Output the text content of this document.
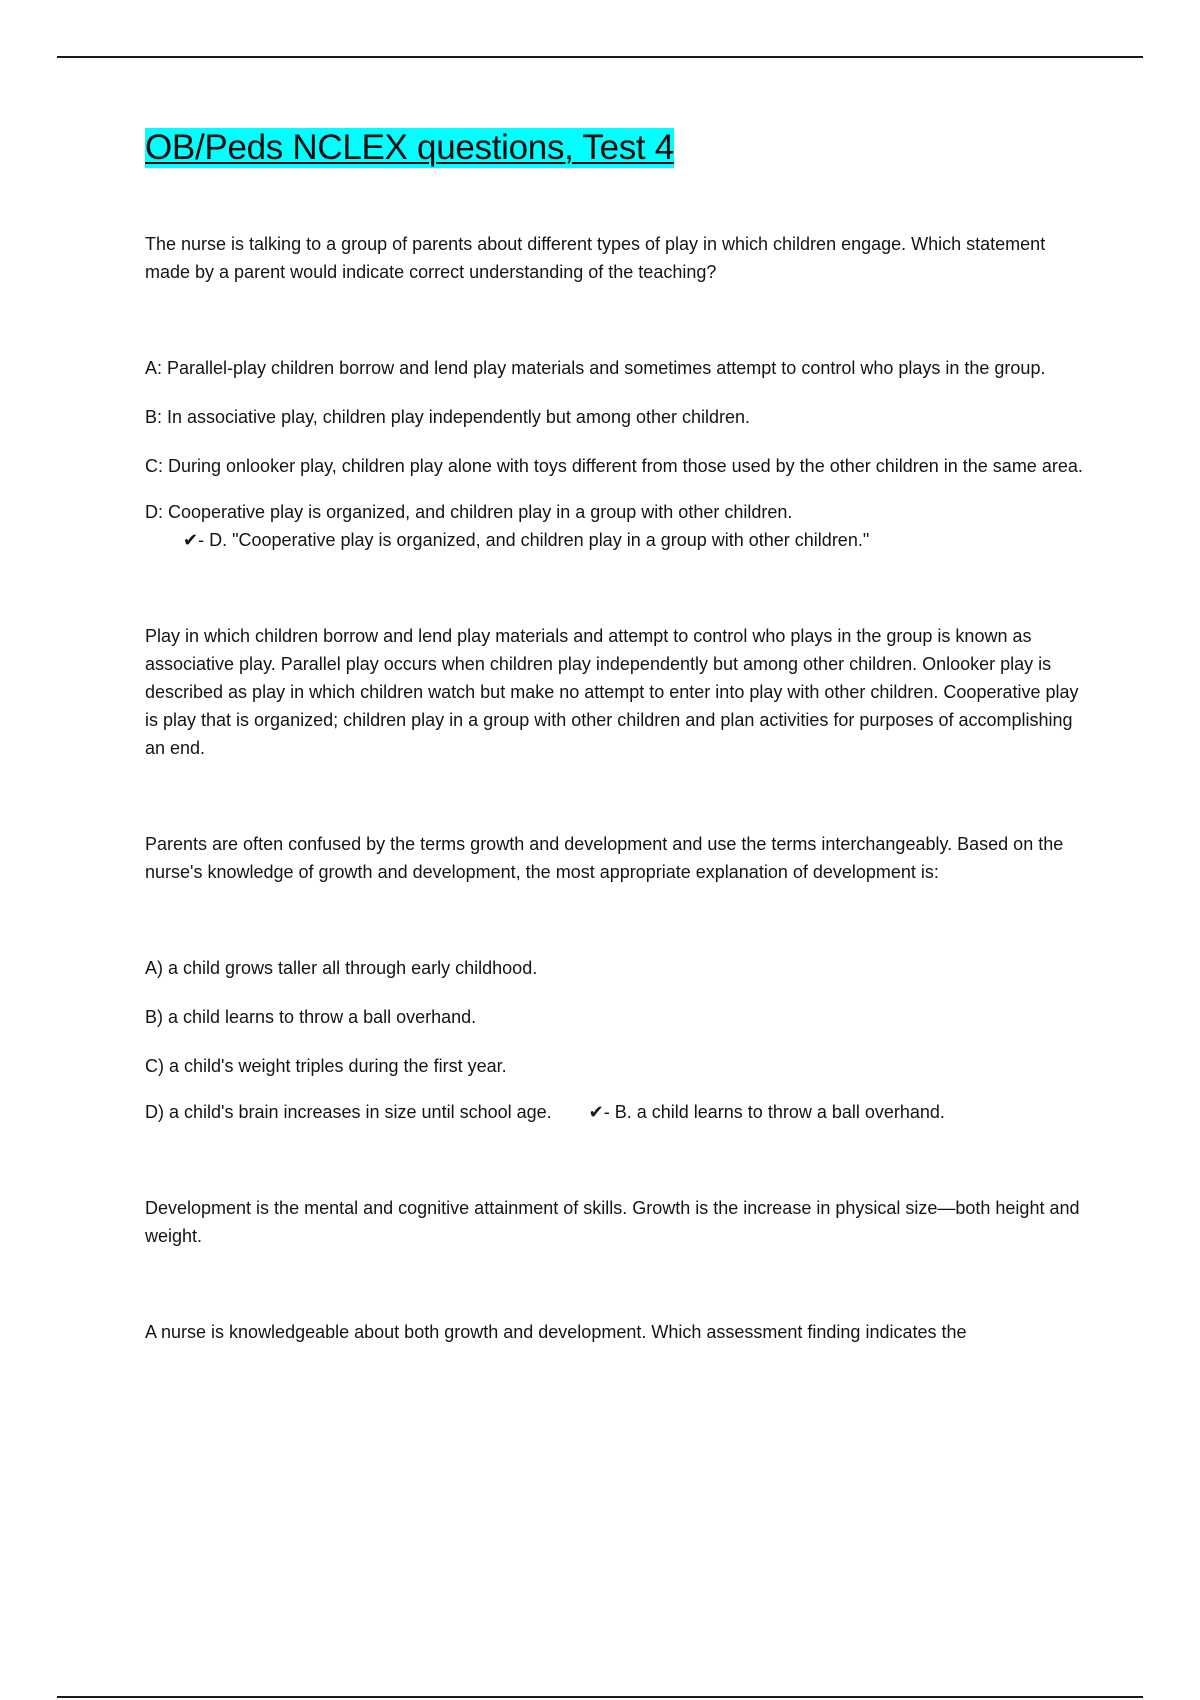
OB/Peds NCLEX questions, Test 4

The nurse is talking to a group of parents about different types of play in which children engage. Which statement made by a parent would indicate correct understanding of the teaching?

A: Parallel-play children borrow and lend play materials and sometimes attempt to control who plays in the group.

B: In associative play, children play independently but among other children.

C: During onlooker play, children play alone with toys different from those used by the other children in the same area.

D: Cooperative play is organized, and children play in a group with other children. ✔- D. "Cooperative play is organized, and children play in a group with other children."

Play in which children borrow and lend play materials and attempt to control who plays in the group is known as associative play. Parallel play occurs when children play independently but among other children. Onlooker play is described as play in which children watch but make no attempt to enter into play with other children. Cooperative play is play that is organized; children play in a group with other children and plan activities for purposes of accomplishing an end.

Parents are often confused by the terms growth and development and use the terms interchangeably. Based on the nurse's knowledge of growth and development, the most appropriate explanation of development is:

A) a child grows taller all through early childhood.

B) a child learns to throw a ball overhand.

C) a child's weight triples during the first year.

D) a child's brain increases in size until school age. ✔- B. a child learns to throw a ball overhand.

Development is the mental and cognitive attainment of skills. Growth is the increase in physical size—both height and weight.

A nurse is knowledgeable about both growth and development. Which assessment finding indicates the
